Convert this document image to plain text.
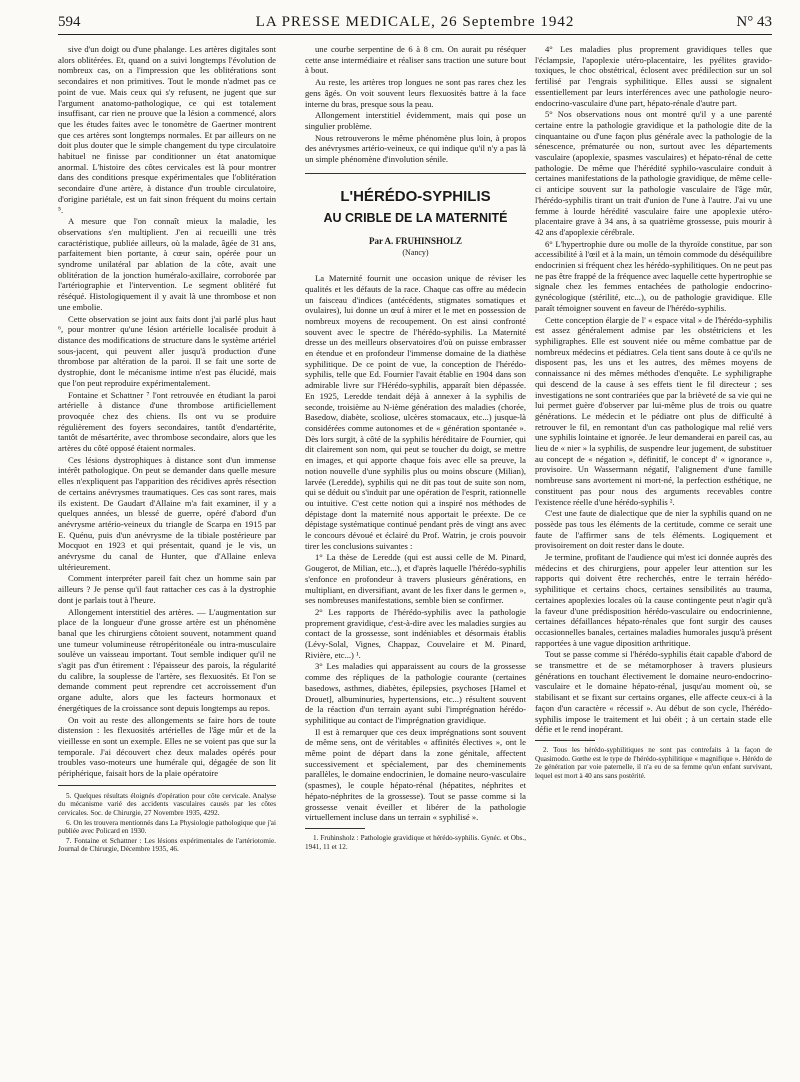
594	LA PRESSE MEDICALE, 26 Septembre 1942	N° 43

sive d'un doigt ou d'une phalange. Les artères digitales sont alors oblitérées. Et, quand on a suivi longtemps l'évolution de nombreux cas, on a l'impression que les oblitérations sont secondaires et non primitives. Tout le monde n'admet pas ce point de vue. Mais ceux qui s'y refusent, ne jugent que sur l'argument anatomo-pathologique, ce qui est totalement insuffisant, car rien ne prouve que la lésion a commencé, alors que les études faites avec le tonomètre de Gaertner montrent que ces artères sont longtemps normales. Et par ailleurs on ne doit plus douter que le simple changement du type circulatoire habituel ne finisse par conditionner un état anatomique anormal. L'histoire des côtes cervicales est là pour montrer dans des conditions presque expérimentales que l'oblitération secondaire d'une artère, à distance d'un trouble circulatoire, d'origine pariétale, est un fait sinon fréquent du moins certain ⁵.

A mesure que l'on connaît mieux la maladie, les observations s'en multiplient. J'en ai recueilli une très caractéristique, publiée ailleurs, où la malade, âgée de 31 ans, parfaitement bien portante, à cœur sain, opérée pour un syndrome unilatéral par ablation de la côte, avait une oblitération de la jonction huméralo-axillaire, corroborée par l'artériographie et l'intervention. Le segment oblitéré fut réséqué. Histologiquement il y avait là une thrombose et non une embolie.

Cette observation se joint aux faits dont j'ai parlé plus haut ⁶, pour montrer qu'une lésion artérielle localisée produit à distance des modifications de structure dans le système artériel sous-jacent, qui peuvent aller jusqu'à production d'une thrombose par altération de la paroi. Il se fait une sorte de dystrophie, dont le mécanisme intime n'est pas élucidé, mais que l'on peut reproduire expérimentalement.

Fontaine et Schattner ⁷ l'ont retrouvée en étudiant la paroi artérielle à distance d'une thrombose artificiellement provoquée chez des chiens. Ils ont vu se produire régulièrement des foyers secondaires, tantôt d'endartérite, tantôt de mésartérite, avec thrombose secondaire, alors que les artères du côté opposé étaient normales.

Ces lésions dystrophiques à distance sont d'un immense intérêt pathologique. On peut se demander dans quelle mesure elles n'expliquent pas l'apparition des récidives après résection de certains anévrysmes traumatiques. Ces cas sont rares, mais ils existent. De Gaudart d'Allaine m'a fait examiner, il y a quelques années, un blessé de guerre, opéré d'abord d'un anévrysme artério-veineux du triangle de Scarpa en 1915 par E. Quénu, puis d'un anévrysme de la tibiale postérieure par Mocquot en 1923 et qui présentait, quand je le vis, un anévrysme du canal de Hunter, que d'Allaine enleva ultérieurement.

Comment interpréter pareil fait chez un homme sain par ailleurs ? Je pense qu'il faut rattacher ces cas à la dystrophie dont je parlais tout à l'heure.

Allongement interstitiel des artères. — L'augmentation sur place de la longueur d'une grosse artère est un phénomène banal que les chirurgiens côtoient souvent, notamment quand une tumeur volumineuse rétropéritonéale ou intra-musculaire soulève un vaisseau important. Tout semble indiquer qu'il ne s'agit pas d'un étirement : l'épaisseur des parois, la régularité du calibre, la souplesse de l'artère, ses flexuosités. Et l'on se demande comment peut reprendre cet accroissement d'un organe adulte, alors que les facteurs hormonaux et énergétiques de la croissance sont depuis longtemps au repos.

On voit au reste des allongements se faire hors de toute distension : les flexuosités artérielles de l'âge mûr et de la vieillesse en sont un exemple. Elles ne se voient pas que sur la temporale. J'ai découvert chez deux malades opérés pour troubles vaso-moteurs une humérale qui, dégagée de son lit périphérique, faisait hors de la plaie opératoire

5. Quelques résultats éloignés d'opération pour côte cervicale. Analyse du mécanisme varié des accidents vasculaires causés par les côtes cervicales. Soc. de Chirurgie, 27 Novembre 1935, 4292.

6. On les trouvera mentionnés dans La Physiologie pathologique que j'ai publiée avec Policard en 1930.

7. Fontaine et Schattner : Les lésions expérimentales de l'artériotomie. Journal de Chirurgie, Décembre 1935, 46.

une courbe serpentine de 6 à 8 cm. On aurait pu réséquer cette anse intermédiaire et réaliser sans traction une suture bout à bout.

Au reste, les artères trop longues ne sont pas rares chez les gens âgés. On voit souvent leurs flexuosités battre à la face interne du bras, presque sous la peau.

Allongement interstitiel évidemment, mais qui pose un singulier problème.

Nous retrouverons le même phénomène plus loin, à propos des anévrysmes artério-veineux, ce qui indique qu'il n'y a pas là un simple phénomène d'involution sénile.

L'HÉRÉDO-SYPHILIS
AU CRIBLE DE LA MATERNITÉ
Par A. FRUHINSHOLZ
(Nancy)

La Maternité fournit une occasion unique de réviser les qualités et les défauts de la race. Chaque cas offre au médecin un faisceau d'indices (antécédents, stigmates somatiques et ovulaires), lui donne un œuf à mirer et le met en possession de nombreux moyens de recoupement. On est ainsi confronté souvent avec le spectre de l'hérédo-syphilis. La Maternité dresse un des meilleurs observatoires d'où on puisse embrasser en étendue et en profondeur l'immense domaine de la diathèse syphilitique. De ce point de vue, la conception de l'hérédo-syphilis, telle que Ed. Fournier l'avait établie en 1904 dans son admirable livre sur l'Hérédo-syphilis, apparaît bien dépassée. En 1925, Leredde tendait déjà à annexer à la syphilis de seconde, troisième au N-ième génération des maladies (chorée, Basedow, diabète, scoliose, ulcères stomacaux, etc...) jusque-là considérées comme autonomes et de « génération spontanée ». Dès lors surgit, à côté de la syphilis héréditaire de Fournier, qui dit clairement son nom, qui peut se toucher du doigt, se mettre en images, et qui apporte chaque fois avec elle sa preuve, la notion nouvelle d'une syphilis plus ou moins obscure (Milian), larvée (Leredde), syphilis qui ne dit pas tout de suite son nom, qui se déduit ou s'induit par une opération de l'esprit, rationnelle ou intuitive. C'est cette notion qui a inspiré nos méthodes de dépistage dont la maternité nous apportait le préexte. De ce dépistage systématique continué pendant près de vingt ans avec le concours dévoué et éclairé du Prof. Watrin, je crois pouvoir tirer les conclusions suivantes :

1° La thèse de Leredde (qui est aussi celle de M. Pinard, Gougerot, de Milian, etc...), et d'après laquelle l'hérédo-syphilis s'enfonce en profondeur à travers plusieurs générations, en multipliant, en diversifiant, avant de les fixer dans le germen », ses nombreuses manifestations, semble bien se confirmer.

2° Les rapports de l'hérédo-syphilis avec la pathologie proprement gravidique, c'est-à-dire avec les maladies surgies au contact de la grossesse, sont indéniables et désormais établis (Lévy-Solal, Vignes, Chappaz, Couvelaire et M. Pinard, Rivière, etc...) ¹.

3° Les maladies qui apparaissent au cours de la grossesse comme des répliques de la pathologie courante (certaines basedows, asthmes, diabètes, épilepsies, psychoses [Hamel et Drouet], albuminuries, hypertensions, etc...) résultent souvent de la réaction d'un terrain ayant subi l'imprégnation hérédo-syphilitique au contact de l'imprégnation gravidique.

Il est à remarquer que ces deux imprégnations sont souvent de même sens, ont de véritables « affinités électives », ont le même point de départ dans la zone génitale, affectent successivement et spécialement, par des cheminements parallèles, le domaine endocrinien, le domaine neuro-vasculaire (spasmes), le couple hépato-rénal (hépatites, néphrites et hépato-néphrites de la grossesse). Tout se passe comme si la grossesse venait éveiller et libérer de la pathologie virtuellement incluse dans un terrain « syphilisé ».

1. Fruhinsholz : Pathologie gravidique et hérédo-syphilis. Gynéc. et Obs., 1941, 11 et 12.

4° Les maladies plus proprement gravidiques telles que l'éclampsie, l'apoplexie utéro-placentaire, les pyélites gravido-toxiques, le choc obstétrical, éclosent avec prédilection sur un sol fertilisé par l'engrais syphilitique. Elles aussi se signalent essentiellement par leurs interférences avec une pathologie neuro-endocrino-vasculaire d'une part, hépato-rénale d'autre part.

5° Nos observations nous ont montré qu'il y a une parenté certaine entre la pathologie gravidique et la pathologie dite de la cinquantaine ou d'une façon plus générale avec la pathologie de la sénescence, prématurée ou non, surtout avec les départements vasculaire (apoplexie, spasmes vasculaires) et hépato-rénal de cette pathologie. De même que l'hérédité syphilo-vasculaire conduit à certaines manifestations de la pathologie gravidique, de même celle-ci anticipe souvent sur la pathologie vasculaire de l'âge mûr, l'hérédo-syphilis tirant un trait d'union de l'une à l'autre. J'ai vu une femme à lourde hérédité vasculaire faire une apoplexie utéro-placentaire grave à 34 ans, à sa quatrième grossesse, puis mourir à 42 ans d'apoplexie cérébrale.

6° L'hypertrophie dure ou molle de la thyroïde constitue, par son accessibilité à l'œil et à la main, un témoin commode du déséquilibre endocrinien si fréquent chez les hérédo-syphilitiques. On ne peut pas ne pas être frappé de la fréquence avec laquelle cette hypertrophie se signale chez les femmes entachées de pathologie endocrino-gynécologique (stérilité, etc...), ou de pathologie gravidique. Elle paraît témoigner souvent en faveur de l'hérédo-syphilis.

Cette conception élargie de l' « espace vital » de l'hérédo-syphilis est assez généralement admise par les obstétriciens et les syphiligraphes. Elle est souvent niée ou même combattue par de nombreux médecins et pédiatres. Cela tient sans doute à ce qu'ils ne disposent pas, les uns et les autres, des mêmes moyens de connaissance ni des mêmes méthodes d'enquête. Le syphiligraphe qui descend de la cause à ses effets tient le fil directeur ; ses investigations ne sont contrariées que par la brièveté de sa vie qui ne lui permet guère d'observer par lui-même plus de trois ou quatre générations. Le médecin et le pédiatre ont plus de difficulté à retrouver le fil, en remontant d'un cas pathologique mal relié vers une syphilis lointaine et ignorée. Je leur demanderai en pareil cas, au lieu de « nier » la syphilis, de suspendre leur jugement, de substituer au concept de « négation », définitif, le concept d' « ignorance », provisoire. Un Wassermann négatif, l'alignement d'une famille nombreuse sans avortement ni mort-né, la perfection esthétique, ne constituent pas pour nous des arguments recevables contre l'existence réelle d'une hérédo-syphilis ².

C'est une faute de dialectique que de nier la syphilis quand on ne possède pas tous les éléments de la certitude, comme ce serait une faute de l'affirmer sans de tels éléments. Logiquement et provisoirement on doit rester dans le doute.

Je termine, profitant de l'audience qui m'est ici donnée auprès des médecins et des chirurgiens, pour appeler leur attention sur les rapports qui doivent être recherchés, entre le terrain hérédo-syphilitique et certains chocs, certaines sensibilités au trauma, certaines apoplexies locales où la cause contingente peut n'agir qu'à la faveur d'une prédisposition hérédo-vasculaire ou endocrinienne, certaines défaillances hépato-rénales que font surgir des causes occasionnelles banales, certaines maladies humorales jusqu'à présent rapportées à une vague diposition arthritique.

Tout se passe comme si l'hérédo-syphilis était capable d'abord de se transmettre et de se métamorphoser à travers plusieurs générations en touchant électivement le domaine neuro-endocrino-vasculaire et le domaine hépato-rénal, jusqu'au moment où, se stabilisant et se fixant sur certains organes, elle affecte ceux-ci à la façon d'un caractère « récessif ». Au début de son cycle, l'hérédo-syphilis impose le traitement et lui obéit ; à un certain stade elle défie et le rend inopérant.

2. Tous les hérédo-syphilitiques ne sont pas contrefaits à la façon de Quasimodo. Gœthe est le type de l'hérédo-syphilitique « magnifique ». Hérédo de 2e génération par voie paternelle, il n'a eu de sa femme qu'un enfant survivant, lequel est mort à 40 ans sans postérité.
